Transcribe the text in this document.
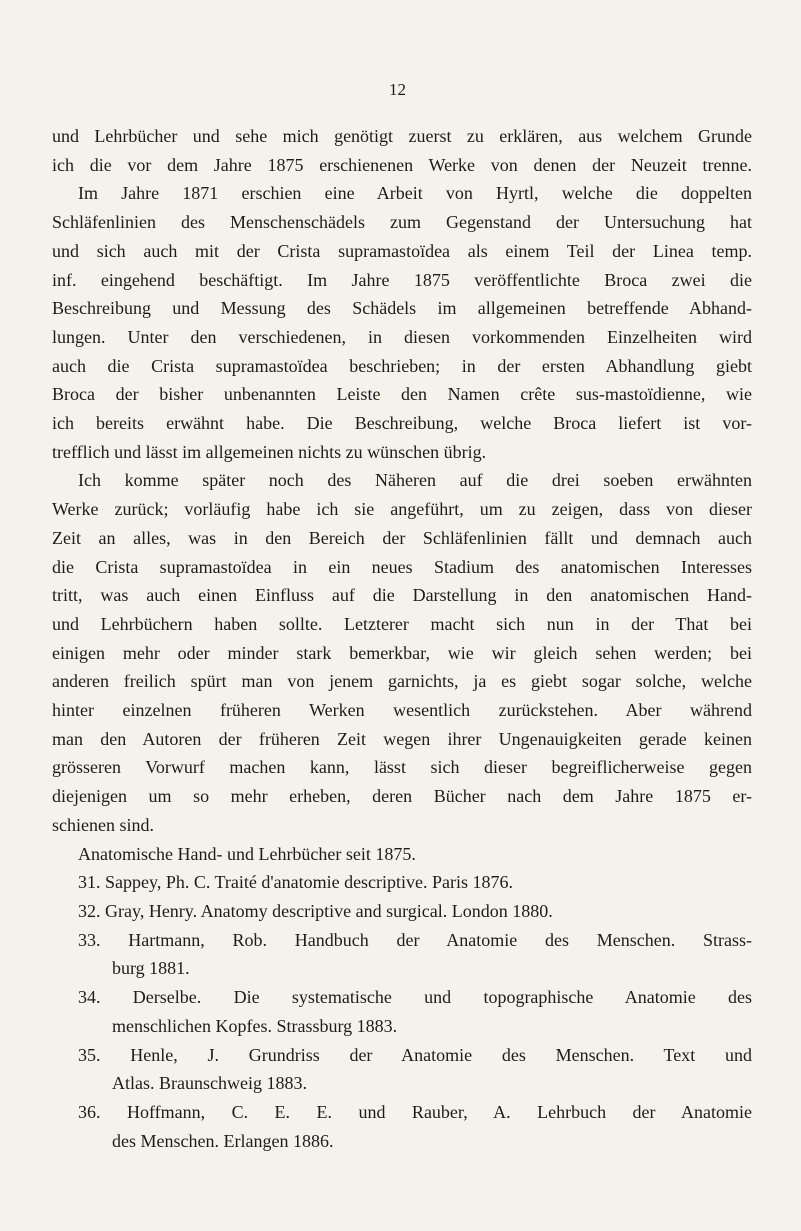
12
und Lehrbücher und sehe mich genötigt zuerst zu erklären, aus welchem Grunde
ich die vor dem Jahre 1875 erschienenen Werke von denen der Neuzeit trenne.
Im Jahre 1871 erschien eine Arbeit von Hyrtl, welche die doppelten
Schläfenlinien des Menschenschädels zum Gegenstand der Untersuchung hat
und sich auch mit der Crista supramastoïdea als einem Teil der Linea temp.
inf. eingehend beschäftigt. Im Jahre 1875 veröffentlichte Broca zwei die
Beschreibung und Messung des Schädels im allgemeinen betreffende Abhand-
lungen. Unter den verschiedenen, in diesen vorkommenden Einzelheiten wird
auch die Crista supramastoïdea beschrieben; in der ersten Abhandlung giebt
Broca der bisher unbenannten Leiste den Namen crête sus-mastoïdienne, wie
ich bereits erwähnt habe. Die Beschreibung, welche Broca liefert ist vor-
trefflich und lässt im allgemeinen nichts zu wünschen übrig.
Ich komme später noch des Näheren auf die drei soeben erwähnten
Werke zurück; vorläufig habe ich sie angeführt, um zu zeigen, dass von dieser
Zeit an alles, was in den Bereich der Schläfenlinien fällt und demnach auch
die Crista supramastoïdea in ein neues Stadium des anatomischen Interesses
tritt, was auch einen Einfluss auf die Darstellung in den anatomischen Hand-
und Lehrbüchern haben sollte. Letzterer macht sich nun in der That bei
einigen mehr oder minder stark bemerkbar, wie wir gleich sehen werden; bei
anderen freilich spürt man von jenem garnichts, ja es giebt sogar solche, welche
hinter einzelnen früheren Werken wesentlich zurückstehen. Aber während
man den Autoren der früheren Zeit wegen ihrer Ungenauigkeiten gerade keinen
grösseren Vorwurf machen kann, lässt sich dieser begreiflicherweise gegen
diejenigen um so mehr erheben, deren Bücher nach dem Jahre 1875 er-
schienen sind.
Anatomische Hand- und Lehrbücher seit 1875.
31. Sappey, Ph. C. Traité d'anatomie descriptive. Paris 1876.
32. Gray, Henry. Anatomy descriptive and surgical. London 1880.
33. Hartmann, Rob. Handbuch der Anatomie des Menschen. Strass-
burg 1881.
34. Derselbe. Die systematische und topographische Anatomie des
menschlichen Kopfes. Strassburg 1883.
35. Henle, J. Grundriss der Anatomie des Menschen. Text und
Atlas. Braunschweig 1883.
36. Hoffmann, C. E. E. und Rauber, A. Lehrbuch der Anatomie
des Menschen. Erlangen 1886.
